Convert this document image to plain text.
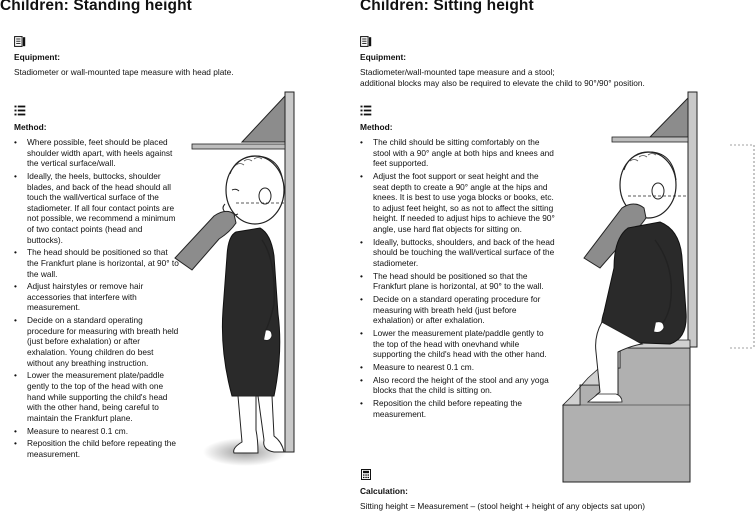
Children: Standing height
Equipment:

Stadiometer or wall-mounted tape measure with head plate.

Method:
• Where possible, feet should be placed shoulder width apart, with heels against the vertical surface/wall.
• Ideally, the heels, buttocks, shoulder blades, and back of the head should all touch the wall/vertical surface of the stadiometer. If all four contact points are not possible, we recommend a minimum of two contact points (head and buttocks).
• The head should be positioned so that the Frankfurt plane is horizontal, at 90° to the wall.
• Adjust hairstyles or remove hair accessories that interfere with measurement.
• Decide on a standard operating procedure for measuring with breath held (just before exhalation) or after exhalation. Young children do best without any breathing instruction.
• Lower the measurement plate/paddle gently to the top of the head with one hand while supporting the child's head with the other hand, being careful to maintain the Frankfurt plane.
• Measure to nearest 0.1 cm.
• Reposition the child before repeating the measurement.
Children: Sitting height
Equipment:

Stadiometer/wall-mounted tape measure and a stool;

additional blocks may also be required to elevate the child to 90°/90° position.

Method:
• The child should be sitting comfortably on the stool with a 90° angle at both hips and knees and feet supported.
• Adjust the foot support or seat height and the seat depth to create a 90° angle at the hips and knees. It is best to use yoga blocks or books, etc. to adjust feet height, so as not to affect the sitting height. If needed to adjust hips to achieve the 90° angle, use hard flat objects for sitting on.
• Ideally, buttocks, shoulders, and back of the head should be touching the wall/vertical surface of the stadiometer.
• The head should be positioned so that the Frankfurt plane is horizontal, at 90° to the wall.
• Decide on a standard operating procedure for measuring with breath held (just before exhalation) or after exhalation.
• Lower the measurement plate/paddle gently to the top of the head with onevhand while supporting the child's head with the other hand.
• Measure to nearest 0.1 cm.
• Also record the height of the stool and any yoga blocks that the child is sitting on.
• Reposition the child before repeating the measurement.
Calculation:

Sitting height = Measurement – (stool height + height of any objects sat upon)
